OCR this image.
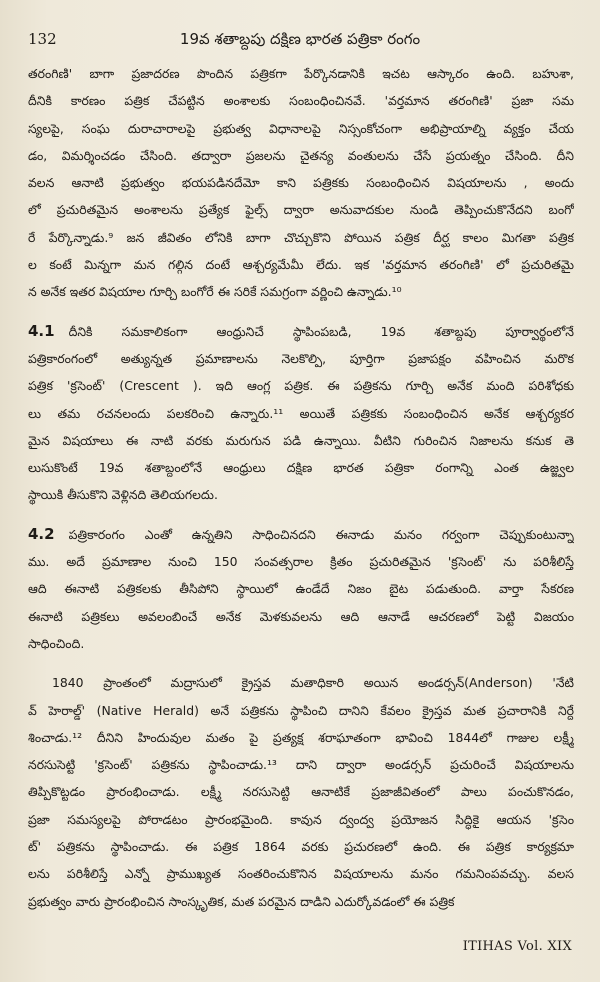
132	19వ శతాబ్దపు దక్షిణ భారత పత్రికా రంగం
తరంగిణి' బాగా ప్రజాదరణ పొందిన పత్రికగా పేర్కొనడానికి ఇచట ఆస్కారం ఉంది. బహుశా,
దీనికి కారణం పత్రిక చేపట్టిన అంశాలకు సంబంధించినవే. 'వర్తమాన తరంగిణి' ప్రజా సమ
స్యలపై, సంఘ దురాచారాలపై ప్రభుత్వ విధానాలపై నిస్సంకోచంగా అభిప్రాయాల్ని వ్యక్తం చేయ
డం, విమర్శించడం చేసింది. తద్వారా ప్రజలను చైతన్య వంతులను చేసే ప్రయత్నం చేసింది. దీని
వలన ఆనాటి ప్రభుత్వం భయపడినదేమో కాని పత్రికకు సంబంధించిన విషయాలను , అందు
లో ప్రచురితమైన అంశాలను ప్రత్యేక ఫైల్స్ ద్వారా అనువాదకుల నుండి తెప్పించుకొనేదని బంగో
రే పేర్కొన్నాడు.⁹ జన జీవితం లోనికి బాగా చొచ్చుకొని పోయిన పత్రిక దీర్ఘ కాలం మిగతా పత్రిక
ల కంటే మిన్నగా మన గల్గిన దంటే ఆశ్చర్యమేమీ లేదు. ఇక 'వర్తమాన తరంగిణి' లో ప్రచురితమై
న అనేక ఇతర విషయాల గూర్చి బంగోరే ఈ సరికే సమగ్రంగా వర్ణించి ఉన్నాడు.¹⁰
4.1 దీనికి సమకాలికంగా ఆంధ్రునిచే స్థాపింపబడి, 19వ శతాబ్దపు పూర్వార్థంలోనే
పత్రికారంగంలో అత్యున్నత ప్రమాణాలను నెలకొల్పి, పూర్తిగా ప్రజాపక్షం వహించిన మరొక
పత్రిక 'క్రసెంట్' (Crescent ). ఇది ఆంగ్ల పత్రిక. ఈ పత్రికను గూర్చి అనేక మంది పరిశోధకు
లు తమ రచనలందు పలకరించి ఉన్నారు.¹¹ అయితే పత్రికకు సంబంధించిన అనేక ఆశ్చర్యకర
మైన విషయాలు ఈ నాటి వరకు మరుగున పడి ఉన్నాయి. వీటిని గురించిన నిజాలను కనుక తె
లుసుకొంటే 19వ శతాబ్దంలోనే ఆంధ్రులు దక్షిణ భారత పత్రికా రంగాన్ని ఎంత ఉజ్జ్వల
స్థాయికి తీసుకొని వెళ్లినది తెలియగలదు.
4.2 పత్రికారంగం ఎంతో ఉన్నతిని సాధించినదని ఈనాడు మనం గర్వంగా చెప్పుకుంటున్నా
ము. అదే ప్రమాణాల నుంచి 150 సంవత్సరాల క్రితం ప్రచురితమైన 'క్రసెంట్' ను పరిశీలిస్తే
ఆది ఈనాటి పత్రికలకు తీసిపోని స్థాయిలో ఉండేదే నిజం బైట పడుతుంది. వార్తా సేకరణ
ఈనాటి పత్రికలు అవలంబించే అనేక మెళకువలను ఆది ఆనాడే ఆచరణలో పెట్టి విజయం
సాధించింది.
1840 ప్రాంతంలో మద్రాసులో క్రైస్తవ మతాధికారి అయిన అండర్సన్(Anderson) 'నేటి
వ్ హెరాల్డ్' (Native Herald) అనే పత్రికను స్థాపించి దానిని కేవలం క్రైస్తవ మత ప్రచారానికి నిర్దే
శించాడు.¹² దీనిని హిందువుల మతం పై ప్రత్యక్ష శరాఘాతంగా భావించి 1844లో గాజుల లక్ష్మీ
నరసుసెట్టి 'క్రసెంట్' పత్రికను స్థాపించాడు.¹³ దాని ద్వారా అండర్సన్ ప్రచురించే విషయాలను
తిప్పికొట్టడం ప్రారంభించాడు. లక్ష్మీ నరసుసెట్టి ఆనాటికే ప్రజాజీవితంలో పాలు పంచుకొనడం,
ప్రజా సమస్యలపై పోరాడటం ప్రారంభమైంది. కావున ద్వంద్వ ప్రయోజన సిద్ధికై ఆయన 'క్రసెం
ట్' పత్రికను స్థాపించాడు. ఈ పత్రిక 1864 వరకు ప్రచురణలో ఉంది. ఈ పత్రిక కార్యక్రమా
లను పరిశీలిస్తే ఎన్నో ప్రాముఖ్యత సంతరించుకొనిన విషయాలను మనం గమనింపవచ్చు. వలస
ప్రభుత్వం వారు ప్రారంభించిన సాంస్కృతిక, మత పరమైన దాడిని ఎదుర్కోవడంలో ఈ పత్రిక
ITIHAS Vol. XIX
